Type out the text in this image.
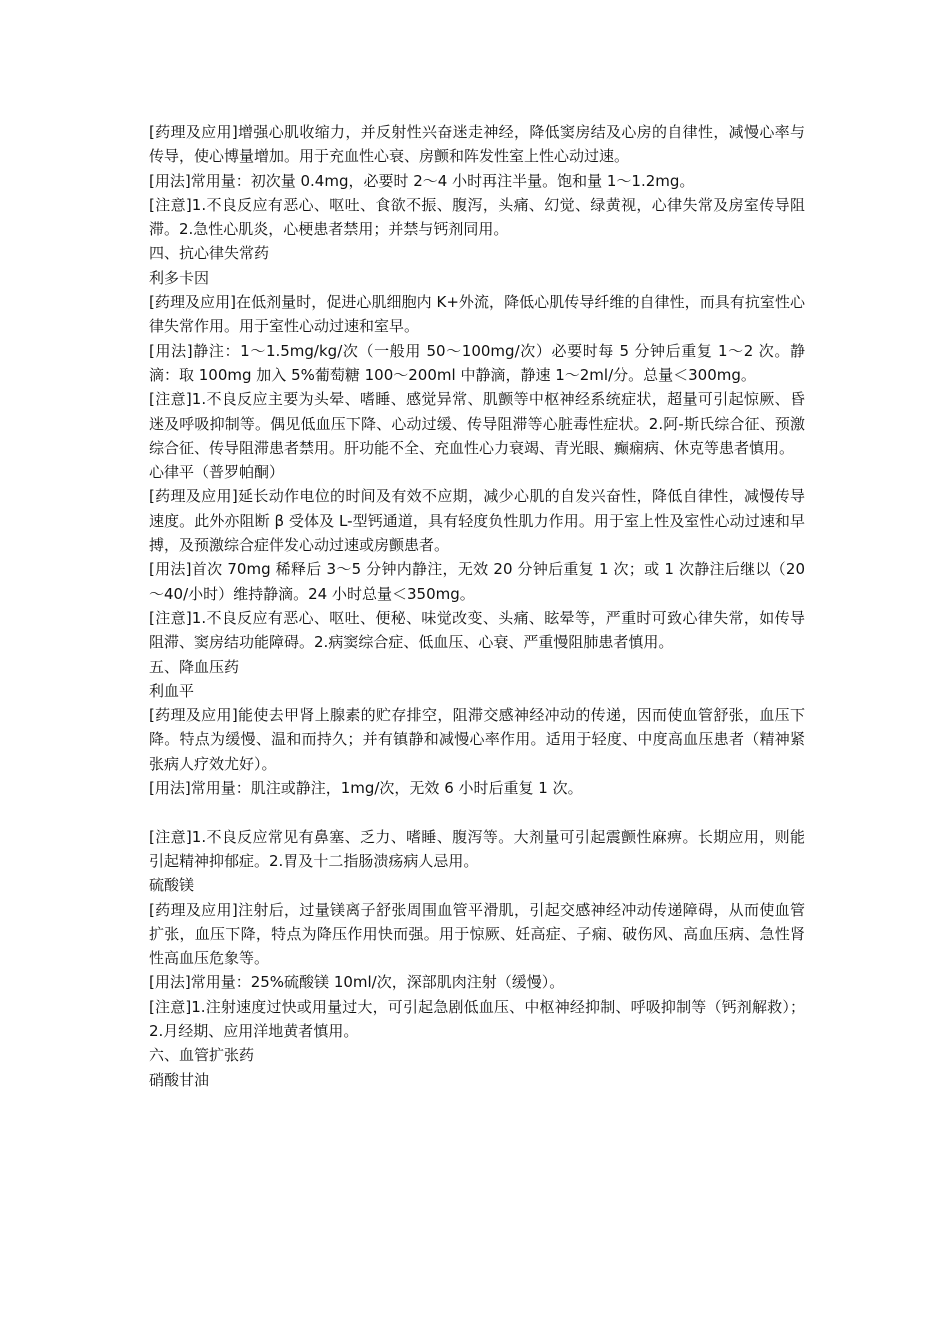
[药理及应用]增强心肌收缩力，并反射性兴奋迷走神经，降低窦房结及心房的自律性，减慢心率与传导，使心博量增加。用于充血性心衰、房颤和阵发性室上性心动过速。

[用法]常用量：初次量 0.4mg，必要时 2～4 小时再注半量。饱和量 1～1.2mg。

[注意]1.不良反应有恶心、呕吐、食欲不振、腹泻，头痛、幻觉、绿黄视，心律失常及房室传导阻滞。2.急性心肌炎，心梗患者禁用；并禁与钙剂同用。

四、抗心律失常药

利多卡因

[药理及应用]在低剂量时，促进心肌细胞内 K+外流，降低心肌传导纤维的自律性，而具有抗室性心律失常作用。用于室性心动过速和室早。

[用法]静注：1～1.5mg/kg/次（一般用 50～100mg/次）必要时每 5 分钟后重复 1～2 次。静滴：取 100mg 加入 5%葡萄糖 100～200ml 中静滴，静速 1～2ml/分。总量＜300mg。

[注意]1.不良反应主要为头晕、嗜睡、感觉异常、肌颤等中枢神经系统症状，超量可引起惊厥、昏迷及呼吸抑制等。偶见低血压下降、心动过缓、传导阻滞等心脏毒性症状。2.阿-斯氏综合征、预激综合征、传导阻滞患者禁用。肝功能不全、充血性心力衰竭、青光眼、癫痫病、休克等患者慎用。

心律平（普罗帕酮）

[药理及应用]延长动作电位的时间及有效不应期，减少心肌的自发兴奋性，降低自律性，减慢传导速度。此外亦阻断 β 受体及 L-型钙通道，具有轻度负性肌力作用。用于室上性及室性心动过速和早搏，及预激综合症伴发心动过速或房颤患者。

[用法]首次 70mg 稀释后 3～5 分钟内静注，无效 20 分钟后重复 1 次；或 1 次静注后继以（20～40/小时）维持静滴。24 小时总量＜350mg。

[注意]1.不良反应有恶心、呕吐、便秘、味觉改变、头痛、眩晕等，严重时可致心律失常，如传导阻滞、窦房结功能障碍。2.病窦综合症、低血压、心衰、严重慢阻肺患者慎用。

五、降血压药

利血平

[药理及应用]能使去甲肾上腺素的贮存排空，阻滞交感神经冲动的传递，因而使血管舒张，血压下降。特点为缓慢、温和而持久；并有镇静和减慢心率作用。适用于轻度、中度高血压患者（精神紧张病人疗效尤好）。

[用法]常用量：肌注或静注，1mg/次，无效 6 小时后重复 1 次。

[注意]1.不良反应常见有鼻塞、乏力、嗜睡、腹泻等。大剂量可引起震颤性麻痹。长期应用，则能引起精神抑郁症。2.胃及十二指肠溃疡病人忌用。

硫酸镁

[药理及应用]注射后，过量镁离子舒张周围血管平滑肌，引起交感神经冲动传递障碍，从而使血管扩张，血压下降，特点为降压作用快而强。用于惊厥、妊高症、子痫、破伤风、高血压病、急性肾性高血压危象等。

[用法]常用量：25%硫酸镁 10ml/次，深部肌肉注射（缓慢）。

[注意]1.注射速度过快或用量过大，可引起急剧低血压、中枢神经抑制、呼吸抑制等（钙剂解救）；2.月经期、应用洋地黄者慎用。

六、血管扩张药

硝酸甘油
